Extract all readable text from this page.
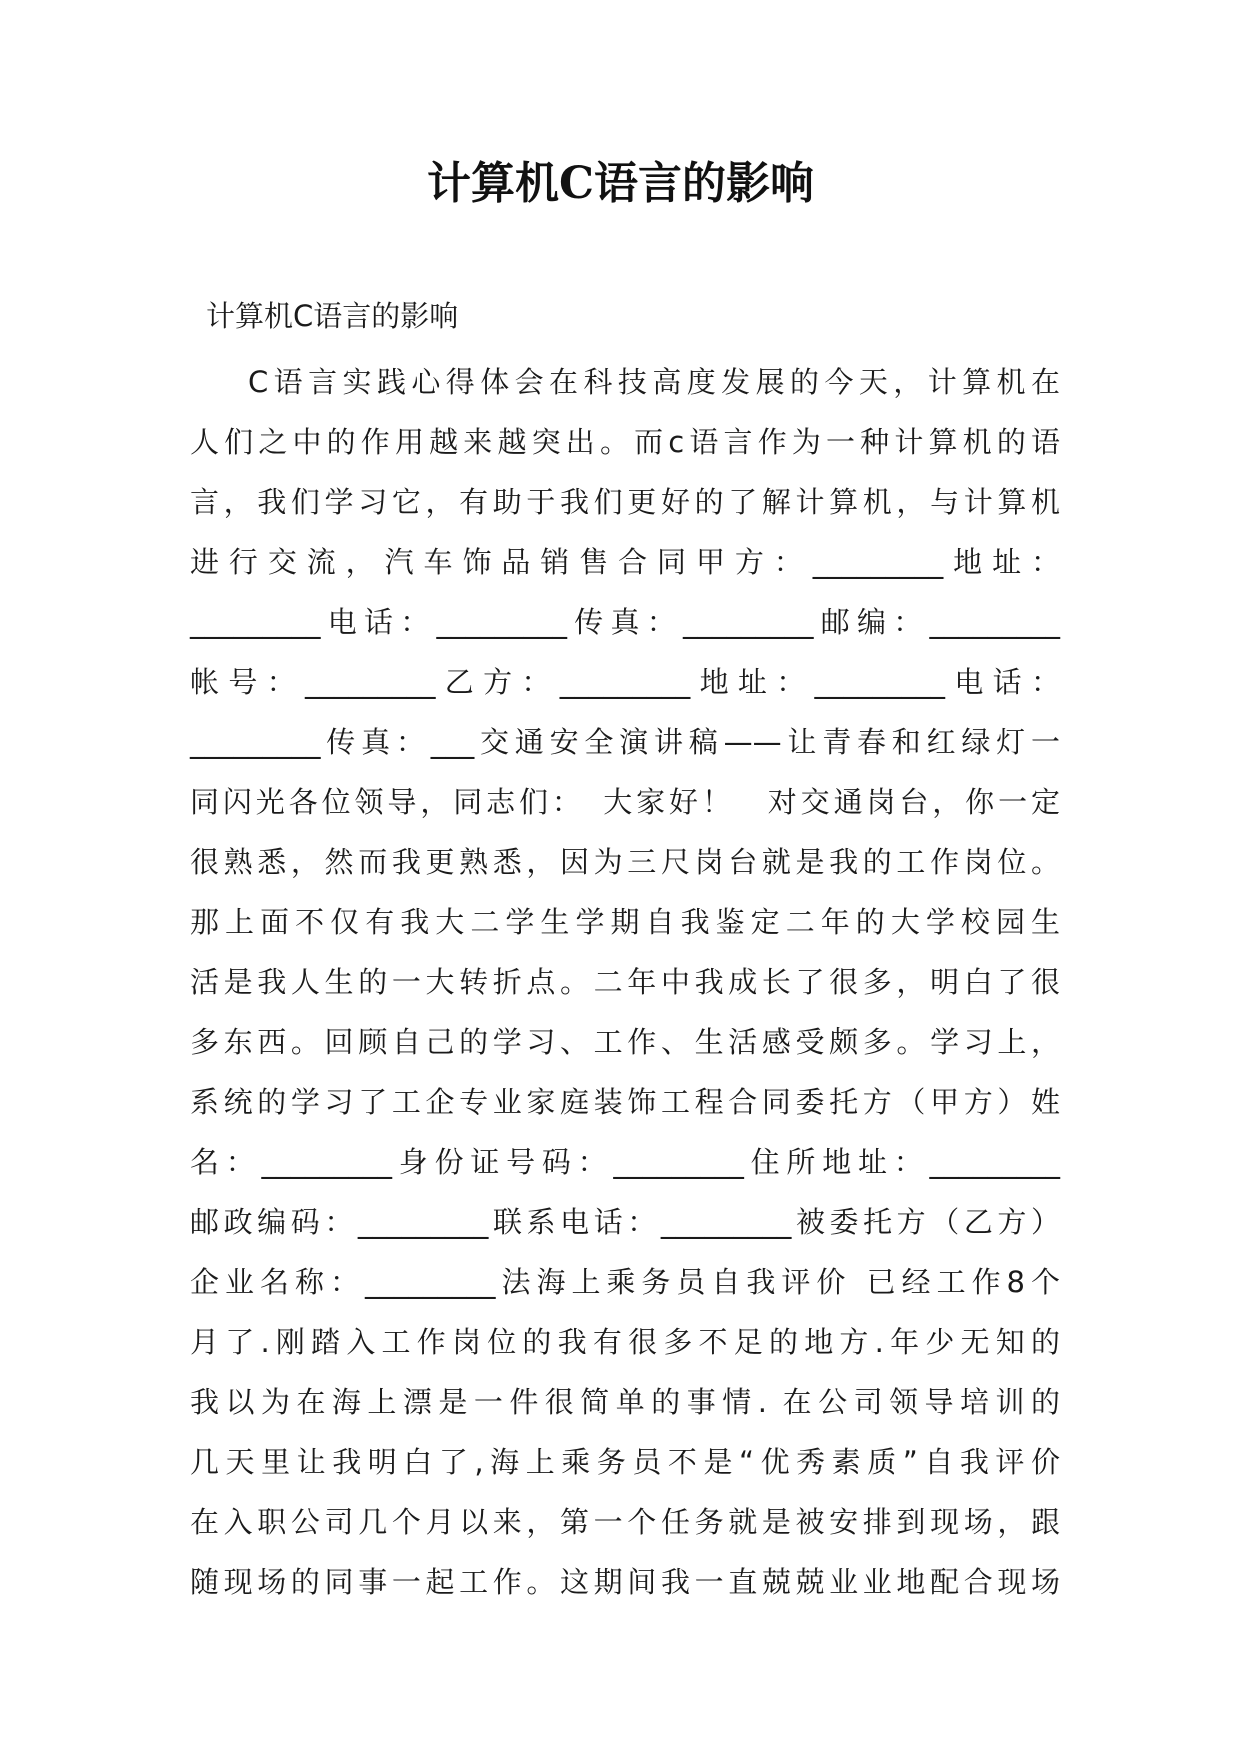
计算机C语言的影响

计算机C语言的影响

C语言实践心得体会在科技高度发展的今天，计算机在
人们之中的作用越来越突出。而c语言作为一种计算机的语
言，我们学习它，有助于我们更好的了解计算机，与计算机
进行交流，汽车饰品销售合同甲方：_________地址：
_________电话：_________传真：_________邮编：_________
帐号：_________乙方：_________地址：_________电话：
_________传真：___交通安全演讲稿——让青春和红绿灯一
同闪光各位领导，同志们：　大家好！　对交通岗台，你一定
很熟悉，然而我更熟悉，因为三尺岗台就是我的工作岗位。
那上面不仅有我大二学生学期自我鉴定二年的大学校园生
活是我人生的一大转折点。二年中我成长了很多，明白了很
多东西。回顾自己的学习、工作、生活感受颇多。学习上，
系统的学习了工企专业家庭装饰工程合同委托方（甲方）姓
名：_________身份证号码：_________住所地址：_________
邮政编码：_________联系电话：_________被委托方（乙方）
企业名称：_________法海上乘务员自我评价 已经工作8个
月了.刚踏入工作岗位的我有很多不足的地方.年少无知的
我以为在海上漂是一件很简单的事情. 在公司领导培训的
几天里让我明白了,海上乘务员不是“优秀素质”自我评价
在入职公司几个月以来，第一个任务就是被安排到现场，跟
随现场的同事一起工作。这期间我一直兢兢业业地配合现场
